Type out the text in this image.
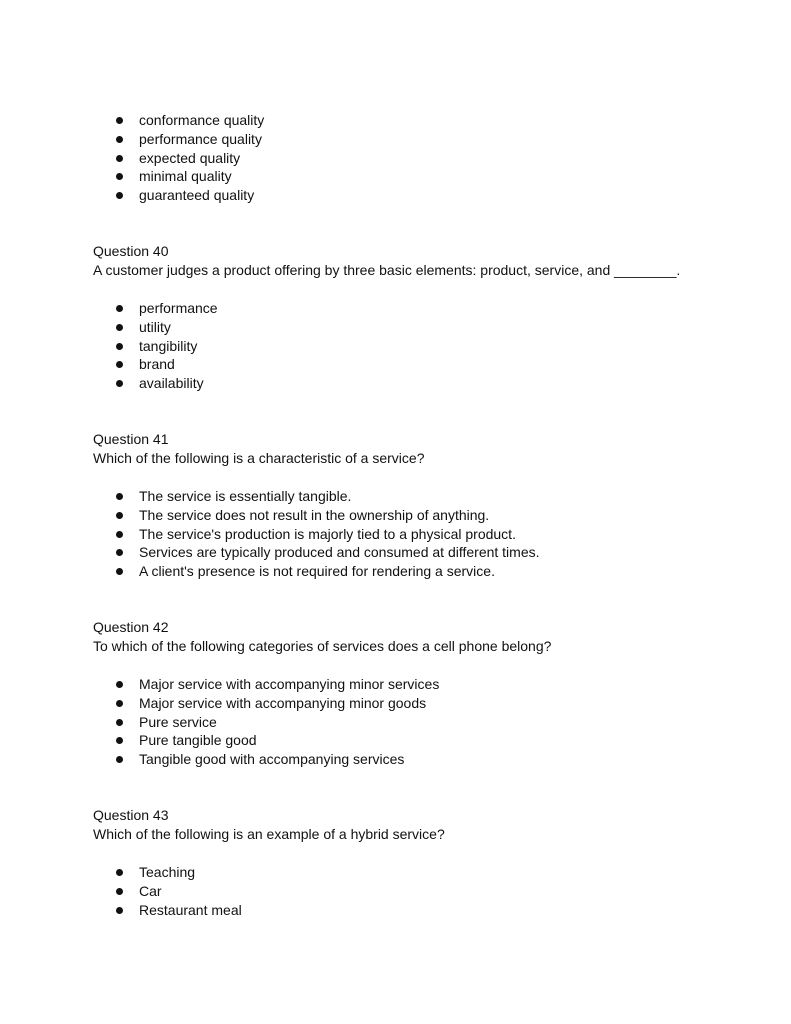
conformance quality
performance quality
expected quality
minimal quality
guaranteed quality
Question 40
A customer judges a product offering by three basic elements: product, service, and ________.
performance
utility
tangibility
brand
availability
Question 41
Which of the following is a characteristic of a service?
The service is essentially tangible.
The service does not result in the ownership of anything.
The service's production is majorly tied to a physical product.
Services are typically produced and consumed at different times.
A client's presence is not required for rendering a service.
Question 42
To which of the following categories of services does a cell phone belong?
Major service with accompanying minor services
Major service with accompanying minor goods
Pure service
Pure tangible good
Tangible good with accompanying services
Question 43
Which of the following is an example of a hybrid service?
Teaching
Car
Restaurant meal
